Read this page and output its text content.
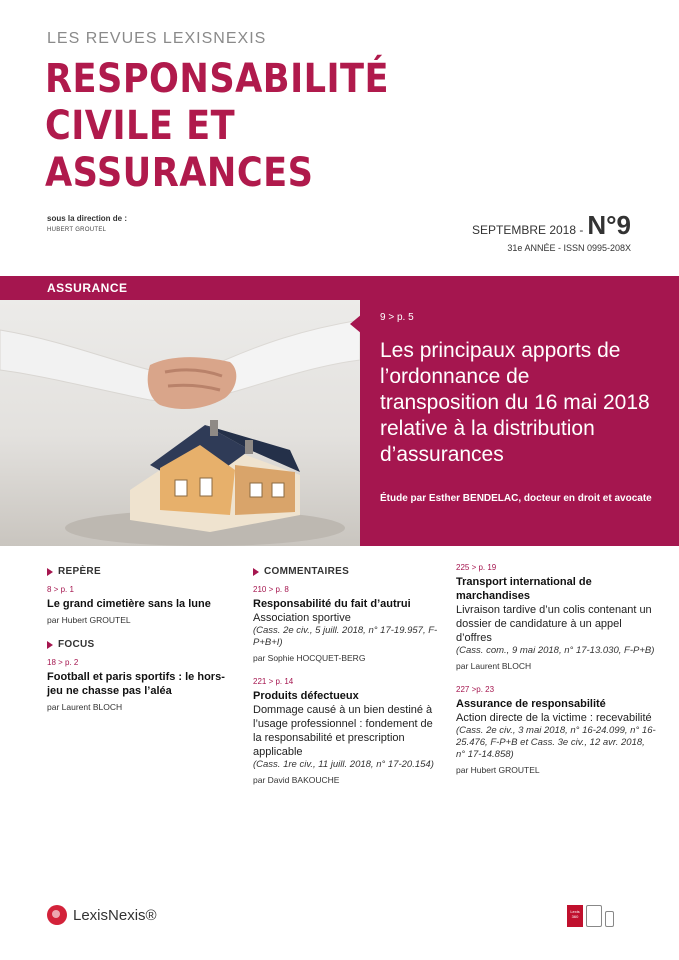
LES REVUES LEXISNEXIS
RESPONSABILITÉ
CIVILE ET
ASSURANCES
sous la direction de :
HUBERT GROUTEL	SEPTEMBRE 2018 - N°9
31e ANNÉE - ISSN 0995-208X
ASSURANCE
9 > p. 5
Les principaux apports de l’ordonnance de transposition du 16 mai 2018 relative à la distribution d’assurances
Étude par Esther BENDELAC, docteur en droit et avocate
REPÈRE
8 > p. 1
Le grand cimetière sans la lune
par Hubert GROUTEL
FOCUS
18 > p. 2
Football et paris sportifs : le hors-jeu ne chasse pas l’aléa
par Laurent BLOCH
COMMENTAIRES
210 > p. 8
Responsabilité du fait d’autrui
Association sportive
(Cass. 2e civ., 5 juill. 2018, n° 17-19.957, F-P+B+I)
par Sophie HOCQUET-BERG
221 > p. 14
Produits défectueux
Dommage causé à un bien destiné à l’usage professionnel : fondement de la responsabilité et prescription applicable
(Cass. 1re civ., 11 juill. 2018, n° 17-20.154)
par David BAKOUCHE
225 > p. 19
Transport international de marchandises
Livraison tardive d’un colis contenant un dossier de candidature à un appel d’offres
(Cass. com., 9 mai 2018, n° 17-13.030, F-P+B)
par Laurent BLOCH
227 >p. 23
Assurance de responsabilité
Action directe de la victime : recevabilité
(Cass. 2e civ., 3 mai 2018, n° 16-24.099, n° 16-25.476, F-P+B et Cass. 3e civ., 12 avr. 2018, n° 17-14.858)
par Hubert GROUTEL
LexisNexis®	Lexis 360
